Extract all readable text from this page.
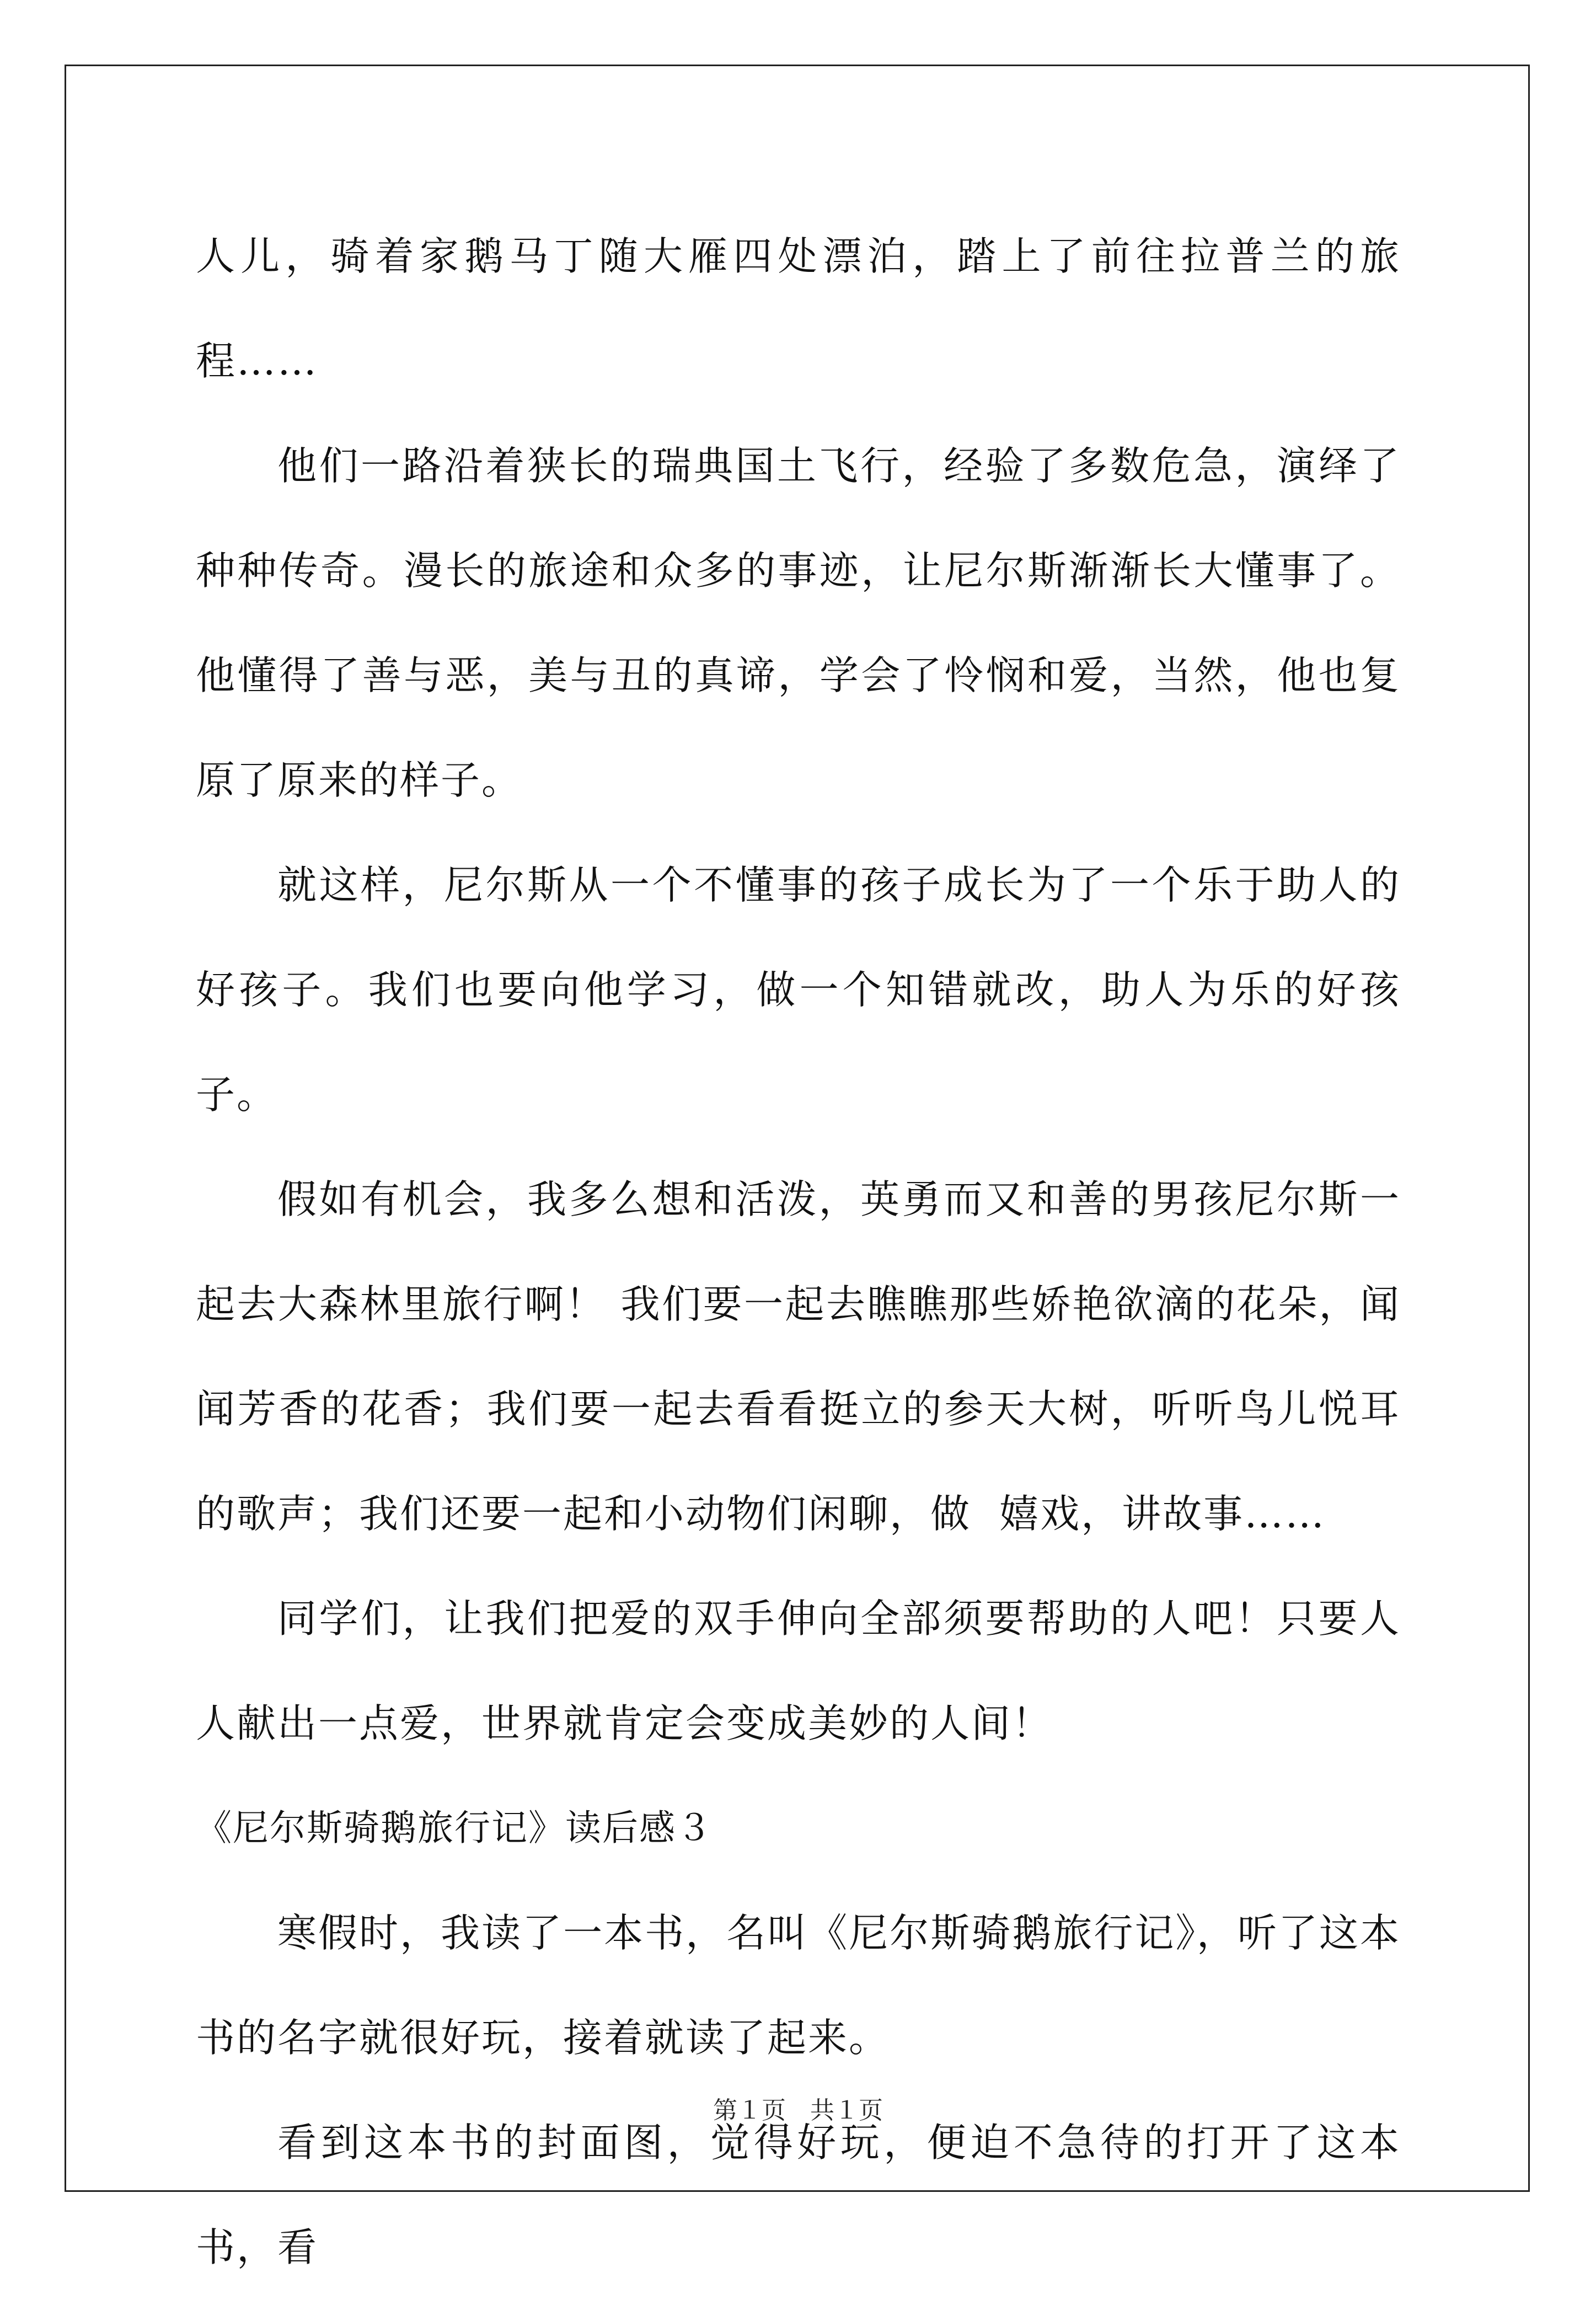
人儿，骑着家鹅马丁随大雁四处漂泊，踏上了前往拉普兰的旅程……

他们一路沿着狭长的瑞典国土飞行，经验了多数危急，演绎了种种传奇。漫长的旅途和众多的事迹，让尼尔斯渐渐长大懂事了。他懂得了善与恶，美与丑的真谛，学会了怜悯和爱，当然，他也复原了原来的样子。

就这样，尼尔斯从一个不懂事的孩子成长为了一个乐于助人的好孩子。我们也要向他学习，做一个知错就改，助人为乐的好孩子。

假如有机会，我多么想和活泼，英勇而又和善的男孩尼尔斯一起去大森林里旅行啊！ 我们要一起去瞧瞧那些娇艳欲滴的花朵，闻闻芳香的花香；我们要一起去看看挺立的参天大树，听听鸟儿悦耳的歌声；我们还要一起和小动物们闲聊，做  嬉戏，讲故事……

同学们，让我们把爱的双手伸向全部须要帮助的人吧！只要人人献出一点爱，世界就肯定会变成美妙的人间！

《尼尔斯骑鹅旅行记》读后感３

寒假时，我读了一本书，名叫《尼尔斯骑鹅旅行记》，听了这本书的名字就很好玩，接着就读了起来。

看到这本书的封面图，觉得好玩，便迫不急待的打开了这本书，看

第１页　共１页
